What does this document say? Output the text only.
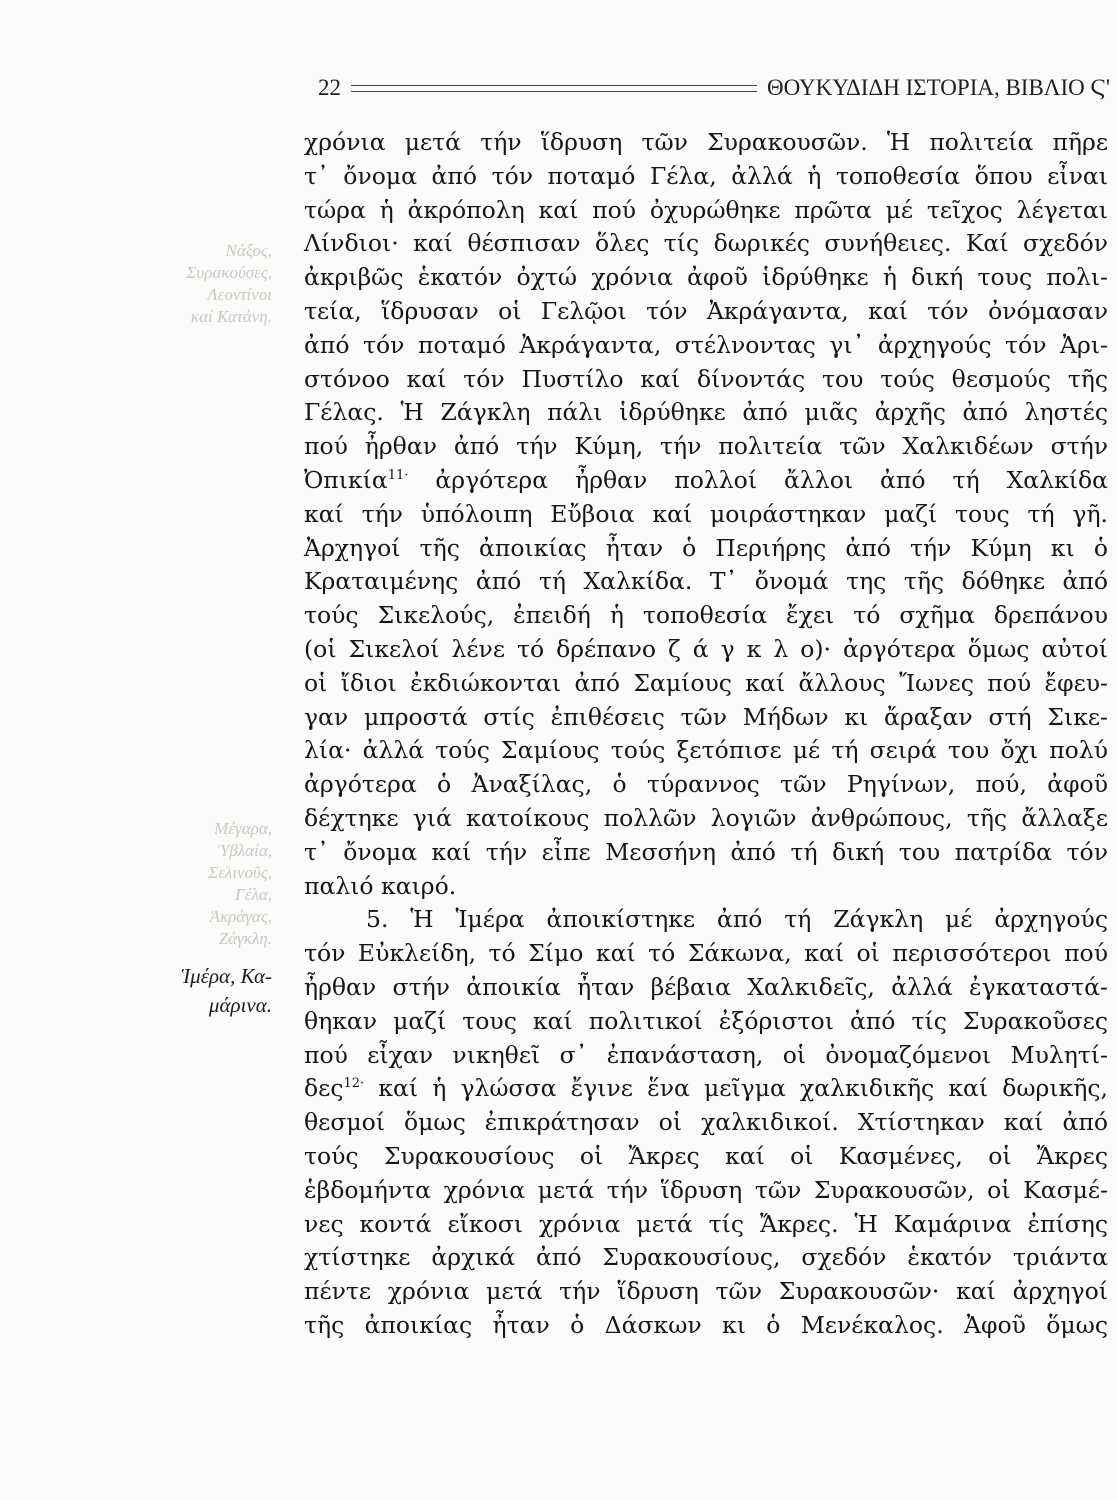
22	ΘΟΥΚΥΔΙΔΗ ΙΣΤΟΡΙΑ, ΒΙΒΛΙΟ Ϛ'
Νάξος,
Συρακούσες,
Λεοντίνοι
καί Κατάνη.
Μέγαρα,
Ὑβλαία,
Σελινοῦς,
Γέλα,
Ἀκράγας,
Ζάγκλη.
Ἱμέρα, Κα-
μάρινα.
χρόνια μετά τήν ἵδρυση τῶν Συρακουσῶν. Ἡ πολιτεία πῆρε
τ᾽ ὄνομα ἀπό τόν ποταμό Γέλα, ἀλλά ἡ τοποθεσία ὅπου εἶναι
τώρα ἡ ἀκρόπολη καί πού ὀχυρώθηκε πρῶτα μέ τεῖχος λέγεται
Λίνδιοι· καί θέσπισαν ὅλες τίς δωρικές συνήθειες. Καί σχεδόν
ἀκριβῶς ἑκατόν ὀχτώ χρόνια ἀφοῦ ἱδρύθηκε ἡ δική τους πολι-
τεία, ἵδρυσαν οἱ Γελῷοι τόν Ἀκράγαντα, καί τόν ὀνόμασαν
ἀπό τόν ποταμό Ἀκράγαντα, στέλνοντας γι᾽ ἀρχηγούς τόν Ἀρι-
στόνοο καί τόν Πυστίλο καί δίνοντάς του τούς θεσμούς τῆς
Γέλας. Ἡ Ζάγκλη πάλι ἱδρύθηκε ἀπό μιᾶς ἀρχῆς ἀπό ληστές
πού ἦρθαν ἀπό τήν Κύμη, τήν πολιτεία τῶν Χαλκιδέων στήν
Ὀπικία$^{11\cdot}$ ἀργότερα ἦρθαν πολλοί ἄλλοι ἀπό τή Χαλκίδα
καί τήν ὑπόλοιπη Εὔβοια καί μοιράστηκαν μαζί τους τή γῆ.
Ἀρχηγοί τῆς ἀποικίας ἦταν ὁ Περιήρης ἀπό τήν Κύμη κι ὁ
Κραταιμένης ἀπό τή Χαλκίδα. Τ᾽ ὄνομά της τῆς δόθηκε ἀπό
τούς Σικελούς, ἐπειδή ἡ τοποθεσία ἔχει τό σχῆμα δρεπάνου
(οἱ Σικελοί λένε τό δρέπανο ζ ά γ κ λ ο)· ἀργότερα ὅμως αὐτοί
οἱ ἴδιοι ἐκδιώκονται ἀπό Σαμίους καί ἄλλους Ἴωνες πού ἔφευ-
γαν μπροστά στίς ἐπιθέσεις τῶν Μήδων κι ἄραξαν στή Σικε-
λία· ἀλλά τούς Σαμίους τούς ξετόπισε μέ τή σειρά του ὄχι πολύ
ἀργότερα ὁ Ἀναξίλας, ὁ τύραννος τῶν Ρηγίνων, πού, ἀφοῦ
δέχτηκε γιά κατοίκους πολλῶν λογιῶν ἀνθρώπους, τῆς ἄλλαξε
τ᾽ ὄνομα καί τήν εἶπε Μεσσήνη ἀπό τή δική του πατρίδα τόν
παλιό καιρό.
5. Ἡ Ἱμέρα ἀποικίστηκε ἀπό τή Ζάγκλη μέ ἀρχηγούς
τόν Εὐκλείδη, τό Σίμο καί τό Σάκωνα, καί οἱ περισσότεροι πού
ἦρθαν στήν ἀποικία ἦταν βέβαια Χαλκιδεῖς, ἀλλά ἐγκαταστά-
θηκαν μαζί τους καί πολιτικοί ἐξόριστοι ἀπό τίς Συρακοῦσες
πού εἶχαν νικηθεῖ σ᾽ ἐπανάσταση, οἱ ὀνομαζόμενοι Μυλητί-
δες$^{12\cdot}$ καί ἡ γλώσσα ἔγινε ἕνα μεῖγμα χαλκιδικῆς καί δωρικῆς,
θεσμοί ὅμως ἐπικράτησαν οἱ χαλκιδικοί. Χτίστηκαν καί ἀπό
τούς Συρακουσίους οἱ Ἄκρες καί οἱ Κασμένες, οἱ Ἄκρες
ἑβδομήντα χρόνια μετά τήν ἵδρυση τῶν Συρακουσῶν, οἱ Κασμέ-
νες κοντά εἴκοσι χρόνια μετά τίς Ἄκρες. Ἡ Καμάρινα ἐπίσης
χτίστηκε ἀρχικά ἀπό Συρακουσίους, σχεδόν ἑκατόν τριάντα
πέντε χρόνια μετά τήν ἵδρυση τῶν Συρακουσῶν· καί ἀρχηγοί
τῆς ἀποικίας ἦταν ὁ Δάσκων κι ὁ Μενέκαλος. Ἀφοῦ ὅμως
